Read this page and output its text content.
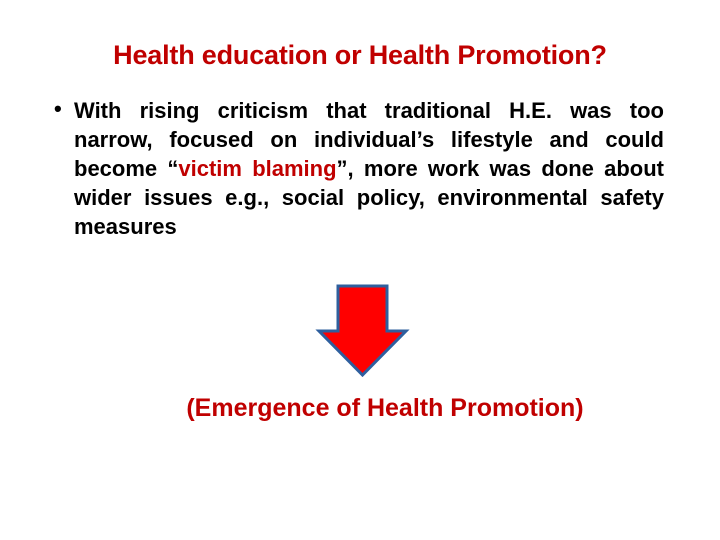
Health education or Health Promotion?
• With rising criticism that traditional H.E. was too narrow, focused on individual’s lifestyle and could become “victim blaming”, more work was done about wider issues e.g., social policy, environmental safety measures
(Emergence of Health Promotion)
